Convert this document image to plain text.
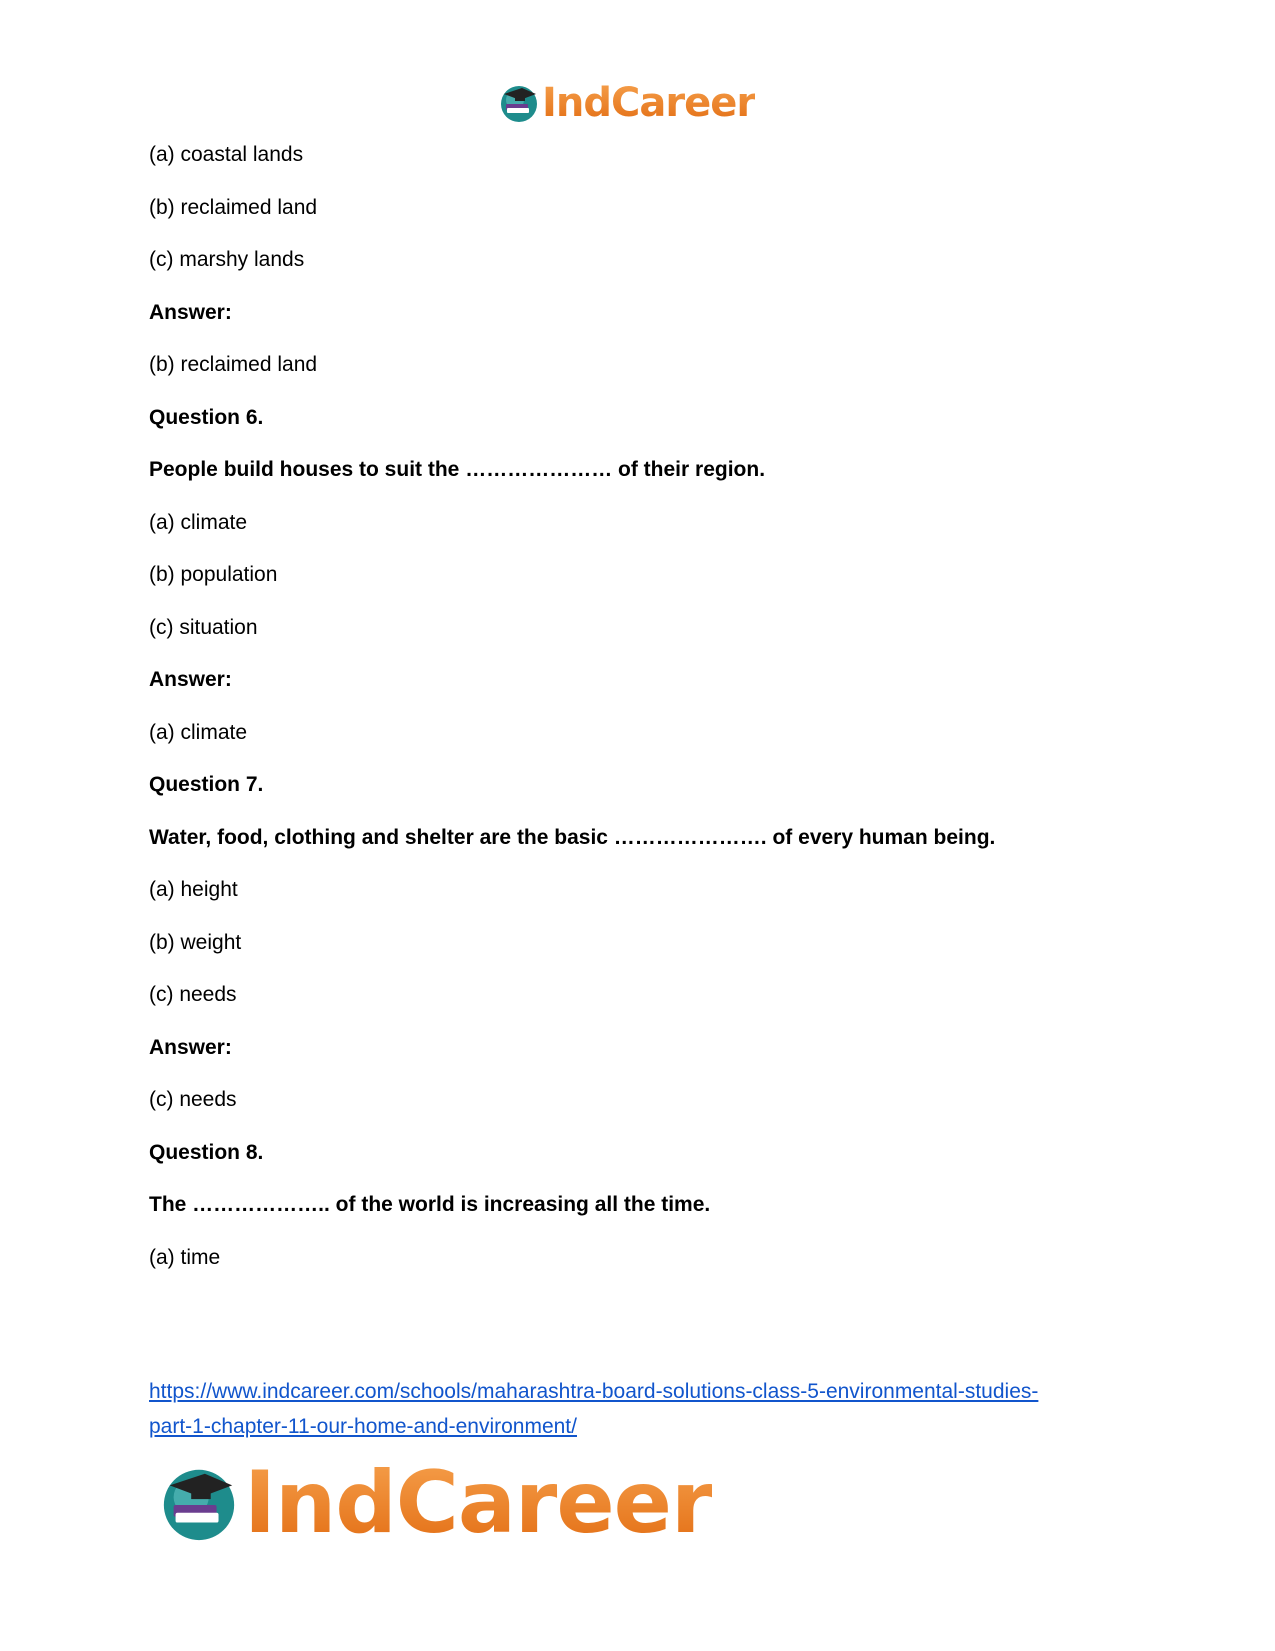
IndCareer
(a) coastal lands
(b) reclaimed land
(c) marshy lands
Answer:
(b) reclaimed land
Question 6.
People build houses to suit the ………………… of their region.
(a) climate
(b) population
(c) situation
Answer:
(a) climate
Question 7.
Water, food, clothing and shelter are the basic …………………. of every human being.
(a) height
(b) weight
(c) needs
Answer:
(c) needs
Question 8.
The ……………….. of the world is increasing all the time.
(a) time
https://www.indcareer.com/schools/maharashtra-board-solutions-class-5-environmental-studies-
part-1-chapter-11-our-home-and-environment/
IndCareer
